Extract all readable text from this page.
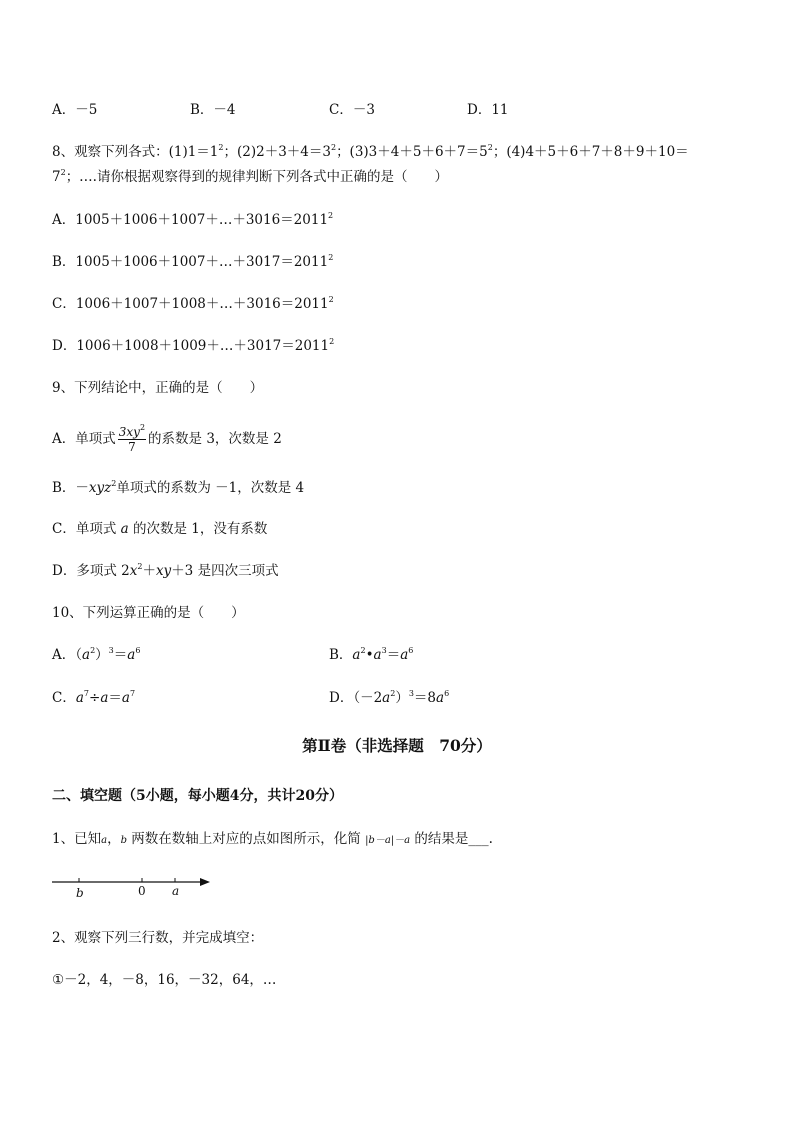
A．－5	B．－4	C．－3	D．11
8、观察下列各式：$(1)1=1^2$；$(2)2+3+4=3^2$；$(3)3+4+5+6+7=5^2$；(4)4＋5＋6＋7＋8＋9＋10＝
$7^2$；….请你根据观察得到的规律判断下列各式中正确的是（　　）
A．$1005+1006+1007+\dots+3016=2011^2$
B．$1005+1006+1007+\dots+3017=2011^2$
C．$1006+1007+1008+\dots+3016=2011^2$
D．$1006+1008+1009+\dots+3017=2011^2$
9、下列结论中，正确的是（　　）
A．单项式 $\frac{3xy^2}{7}$ 的系数是 3，次数是 2
B．－xyz$^2$单项式的系数为 －1，次数是 4
C．单项式 a 的次数是 1，没有系数
D．多项式 $2x^2+xy+3$ 是四次三项式
10、下列运算正确的是（　　）
A．$(a^2)^3=a^6$	B．$a^2•a^3=a^6$
C．$a^7\div a=a^7$	D．$(-2a^2)^3=8a^6$
第Ⅱ卷（非选择题　70分）
二、填空题（5小题，每小题4分，共计20分）
1、已知a，b 两数在数轴上对应的点如图所示，化简 |b－a|－a 的结果是___.
b	0 a
2、观察下列三行数，并完成填空：
①－2，4，－8，16，－32，64，…
